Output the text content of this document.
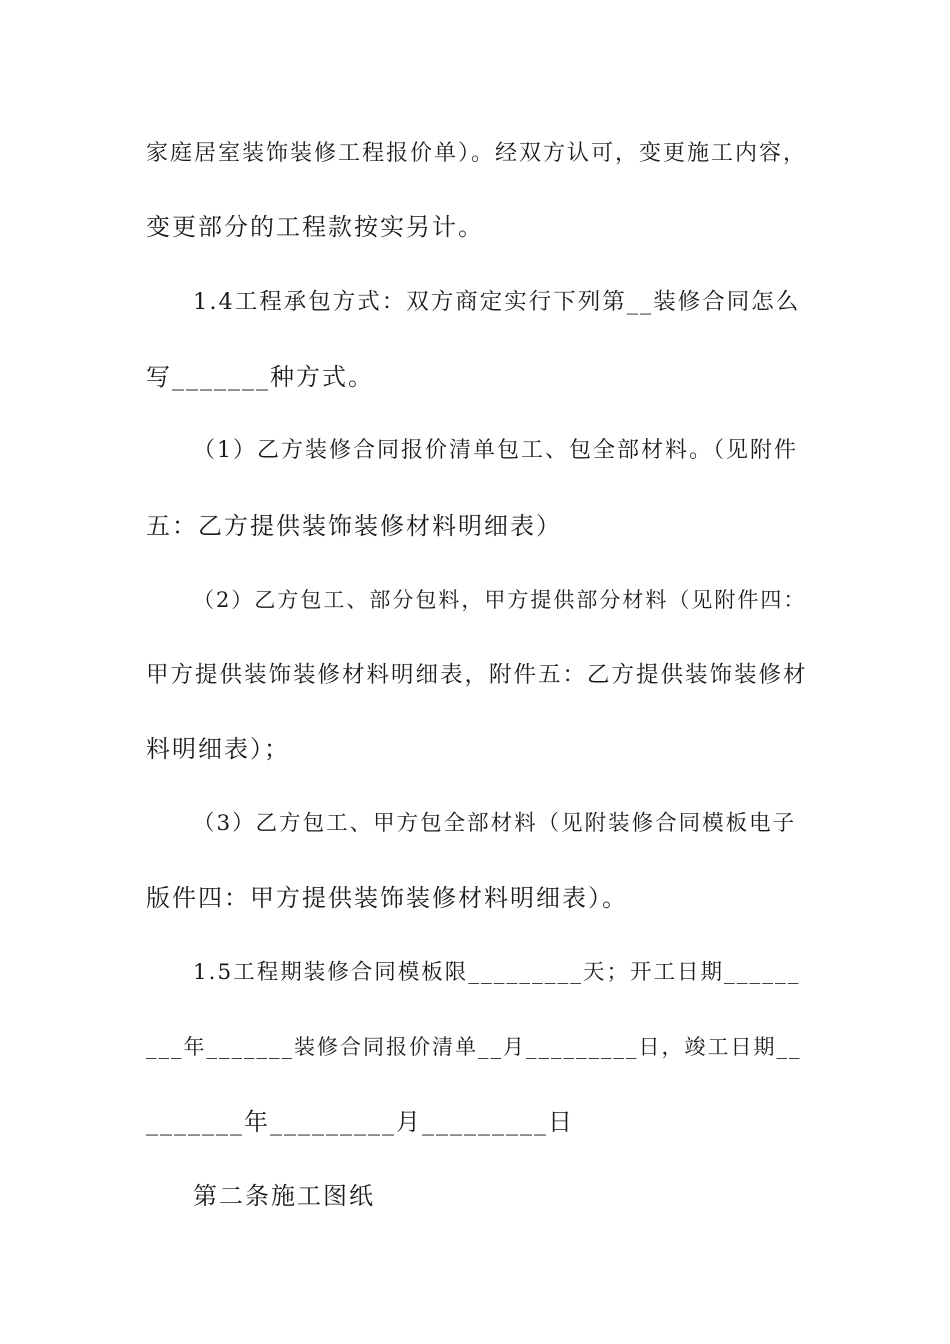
家庭居室装饰装修工程报价单）。经双方认可，变更施工内容，
变更部分的工程款按实另计。
1.4工程承包方式：双方商定实行下列第__装修合同怎么
写_______种方式。
（1）乙方装修合同报价清单包工、包全部材料。（见附件
五：乙方提供装饰装修材料明细表）
（2）乙方包工、部分包料，甲方提供部分材料（见附件四：
甲方提供装饰装修材料明细表，附件五：乙方提供装饰装修材
料明细表）；
（3）乙方包工、甲方包全部材料（见附装修合同模板电子
版件四：甲方提供装饰装修材料明细表）。
1.5工程期装修合同模板限_________天；开工日期______
___年_______装修合同报价清单__月_________日，竣工日期__
_______年_________月_________日
第二条施工图纸
